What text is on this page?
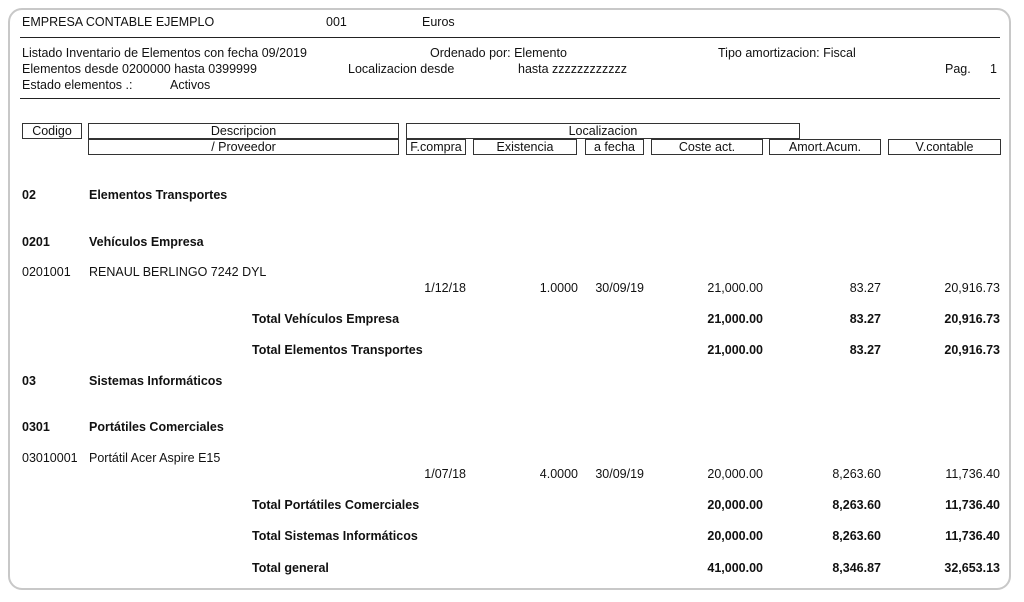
EMPRESA CONTABLE EJEMPLO	001	Euros
Listado Inventario de Elementos con fecha 09/2019	Ordenado por: Elemento	Tipo amortizacion: Fiscal
Elementos desde 0200000 hasta 0399999	Localizacion desde	hasta zzzzzzzzzzzz	Pag. 1
Estado elementos .:	Activos
Codigo	Descripcion
/ Proveedor
Localizacion
F.compra	Existencia	a fecha	Coste act.	Amort.Acum.	V.contable
02	Elementos Transportes
0201	Vehículos Empresa
0201001 RENAUL BERLINGO 7242 DYL
1/12/18	1.0000	30/09/19	21,000.00	83.27	20,916.73
Total Vehículos Empresa	21,000.00	83.27	20,916.73
Total Elementos Transportes	21,000.00	83.27	20,916.73
03	Sistemas Informáticos
0301	Portátiles Comerciales
03010001 Portátil Acer Aspire E15
1/07/18	4.0000	30/09/19	20,000.00	8,263.60	11,736.40
Total Portátiles Comerciales	20,000.00	8,263.60	11,736.40
Total Sistemas Informáticos	20,000.00	8,263.60	11,736.40
Total general	41,000.00	8,346.87	32,653.13
